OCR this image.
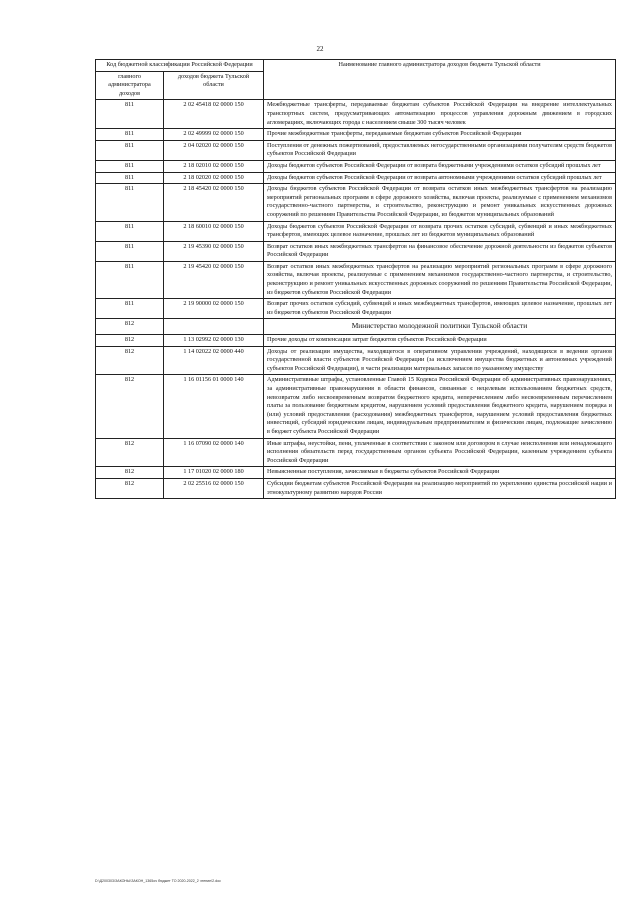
22
Код бюджетной классификации Российской Федерации		Наименование главного администратора доходов бюджета Тульской области
главного администратора доходов	доходов бюджета Тульской области	
811	2 02 45418 02 0000 150	Межбюджетные трансферты, передаваемые бюджетам субъектов Российской Федерации на внедрение интеллектуальных транспортных систем, предусматривающих автоматизацию процессов управления дорожным движением в городских агломерациях, включающих города с населением свыше 300 тысяч человек
811	2 02 49999 02 0000 150	Прочие межбюджетные трансферты, передаваемые бюджетам субъектов Российской Федерации
811	2 04 02020 02 0000 150	Поступления от денежных пожертвований, предоставляемых негосударственными организациями получателям средств бюджетов субъектов Российской Федерации
811	2 18 02010 02 0000 150	Доходы бюджетов субъектов Российской Федерации от возврата бюджетными учреждениями остатков субсидий прошлых лет
811	2 18 02020 02 0000 150	Доходы бюджетов субъектов Российской Федерации от возврата автономными учреждениями остатков субсидий прошлых лет
811	2 18 45420 02 0000 150	Доходы бюджетов субъектов Российской Федерации от возврата остатков иных межбюджетных трансфертов на реализацию мероприятий региональных программ в сфере дорожного хозяйства, включая проекты, реализуемые с применением механизмов государственно-частного партнерства, и строительство, реконструкцию и ремонт уникальных искусственных дорожных сооружений по решениям Правительства Российской Федерации, из бюджетов муниципальных образований
811	2 18 60010 02 0000 150	Доходы бюджетов субъектов Российской Федерации от возврата прочих остатков субсидий, субвенций и иных межбюджетных трансфертов, имеющих целевое назначение, прошлых лет из бюджетов муниципальных образований
811	2 19 45390 02 0000 150	Возврат остатков иных межбюджетных трансфертов на финансовое обеспечение дорожной деятельности из бюджетов субъектов Российской Федерации
811	2 19 45420 02 0000 150	Возврат остатков иных межбюджетных трансфертов на реализацию мероприятий региональных программ в сфере дорожного хозяйства, включая проекты, реализуемые с применением механизмов государственно-частного партнерства, и строительство, реконструкцию и ремонт уникальных искусственных дорожных сооружений по решениям Правительства Российской Федерации, из бюджетов субъектов Российской Федерации
811	2 19 90000 02 0000 150	Возврат прочих остатков субсидий, субвенций и иных межбюджетных трансфертов, имеющих целевое назначение, прошлых лет из бюджетов субъектов Российской Федерации
812		Министерство молодежной политики Тульской области
812	1 13 02992 02 0000 130	Прочие доходы от компенсации затрат бюджетов субъектов Российской Федерации
812	1 14 02022 02 0000 440	Доходы от реализации имущества, находящегося в оперативном управлении учреждений, находящихся в ведении органов государственной власти субъектов Российской Федерации (за исключением имущества бюджетных и автономных учреждений субъектов Российской Федерации), в части реализации материальных запасов по указанному имуществу
812	1 16 01156 01 0000 140	Административные штрафы, установленные Главой 15 Кодекса Российской Федерации об административных правонарушениях, за административные правонарушения в области финансов, связанные с нецелевым использованием бюджетных средств, невозвратом либо несвоевременным возвратом бюджетного кредита, неперечислением либо несвоевременным перечислением платы за пользование бюджетным кредитом, нарушением условий предоставления бюджетного кредита, нарушением порядка и (или) условий предоставления (расходования) межбюджетных трансфертов, нарушением условий предоставления бюджетных инвестиций, субсидий юридическим лицам, индивидуальным предпринимателям и физическим лицам, подлежащие зачислению в бюджет субъекта Российской Федерации
812	1 16 07090 02 0000 140	Иные штрафы, неустойки, пени, уплаченные в соответствии с законом или договором в случае неисполнения или ненадлежащего исполнения обязательств перед государственным органом субъекта Российской Федерации, казенным учреждением субъекта Российской Федерации
812	1 17 01020 02 0000 180	Невыясненные поступления, зачисляемые в бюджеты субъектов Российской Федерации
812	2 02 25516 02 0000 150	Субсидии бюджетам субъектов Российской Федерации на реализацию мероприятий по укреплению единства российской нации и этнокультурному развитию народов России
D:\Д200303\ЗАКОНЫ\ЗАКОН_1365оч бюджет ТО 2020-2022_2 чтение\2.doc
